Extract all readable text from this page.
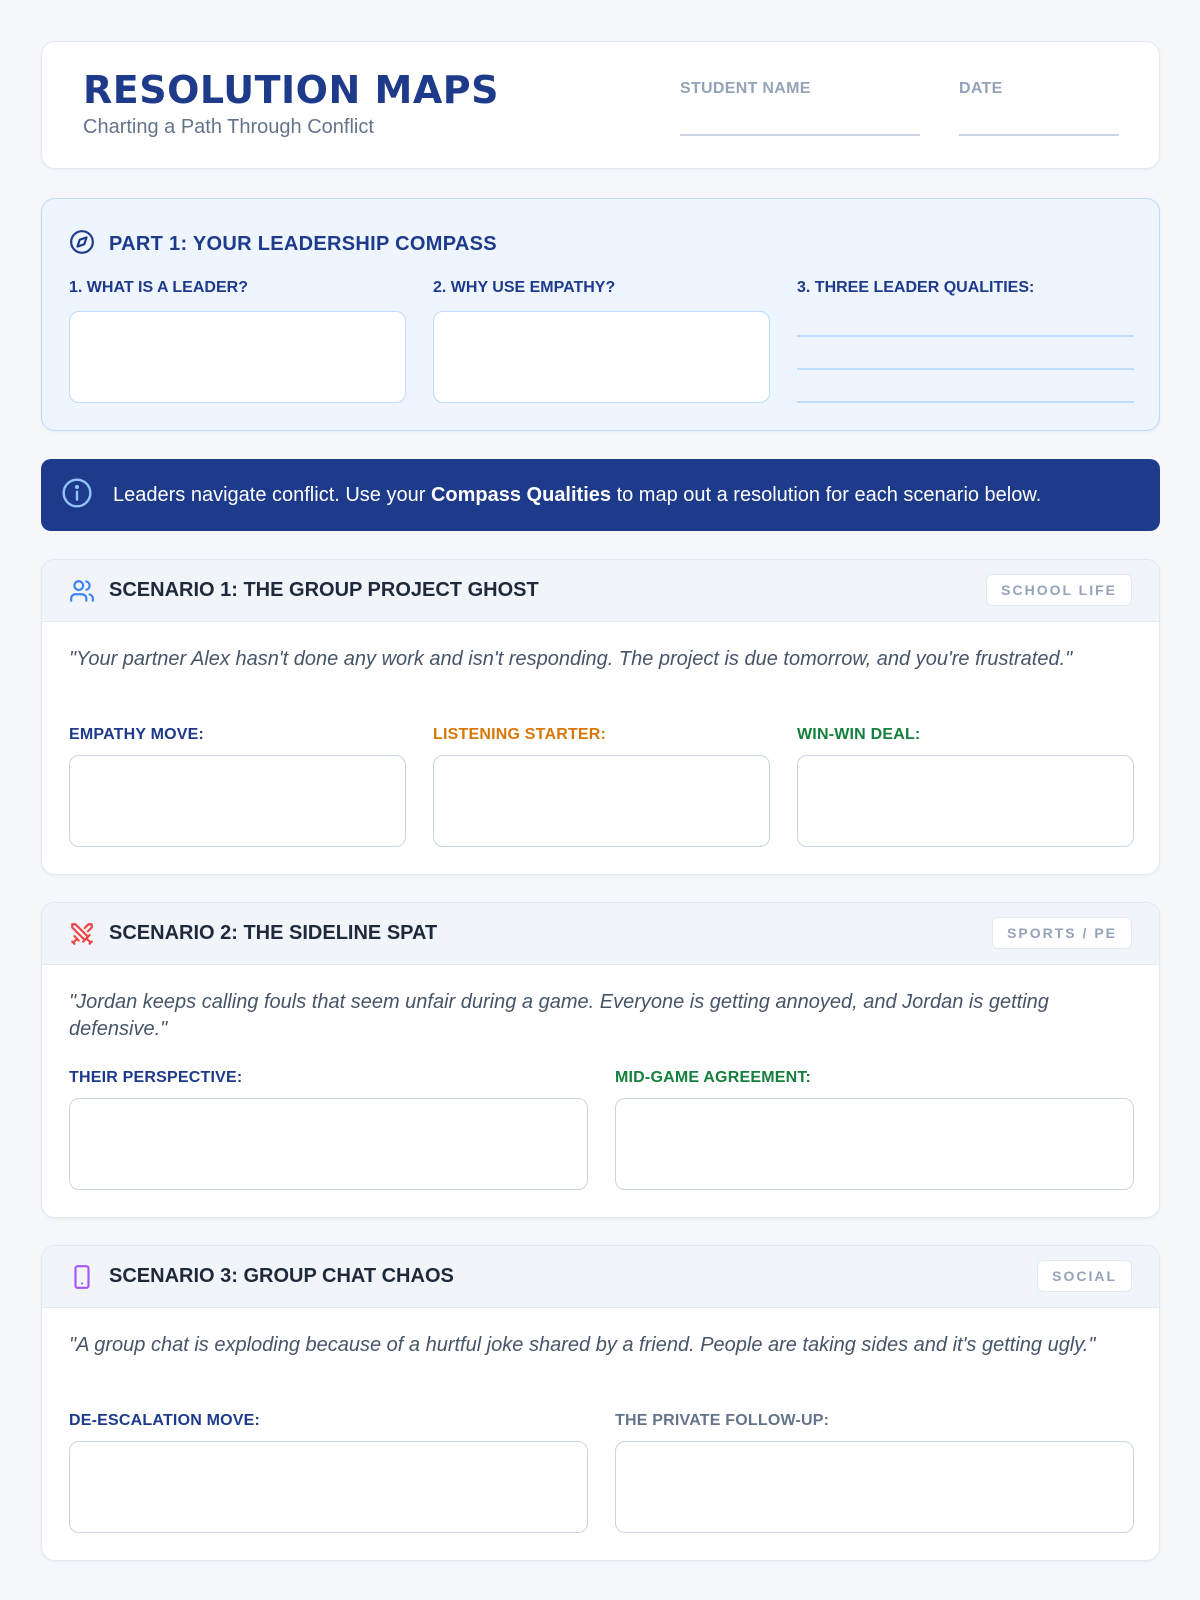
RESOLUTION MAPS
Charting a Path Through Conflict
STUDENT NAME	DATE
PART 1: YOUR LEADERSHIP COMPASS
1. WHAT IS A LEADER?	2. WHY USE EMPATHY?	3. THREE LEADER QUALITIES:
Leaders navigate conflict. Use your Compass Qualities to map out a resolution for each scenario below.
SCENARIO 1: THE GROUP PROJECT GHOST	SCHOOL LIFE
"Your partner Alex hasn't done any work and isn't responding. The project is due tomorrow, and you're frustrated."
EMPATHY MOVE:	LISTENING STARTER:	WIN-WIN DEAL:
SCENARIO 2: THE SIDELINE SPAT	SPORTS / PE
"Jordan keeps calling fouls that seem unfair during a game. Everyone is getting annoyed, and Jordan is getting defensive."
THEIR PERSPECTIVE:	MID-GAME AGREEMENT:
SCENARIO 3: GROUP CHAT CHAOS	SOCIAL
"A group chat is exploding because of a hurtful joke shared by a friend. People are taking sides and it's getting ugly."
DE-ESCALATION MOVE:	THE PRIVATE FOLLOW-UP:
